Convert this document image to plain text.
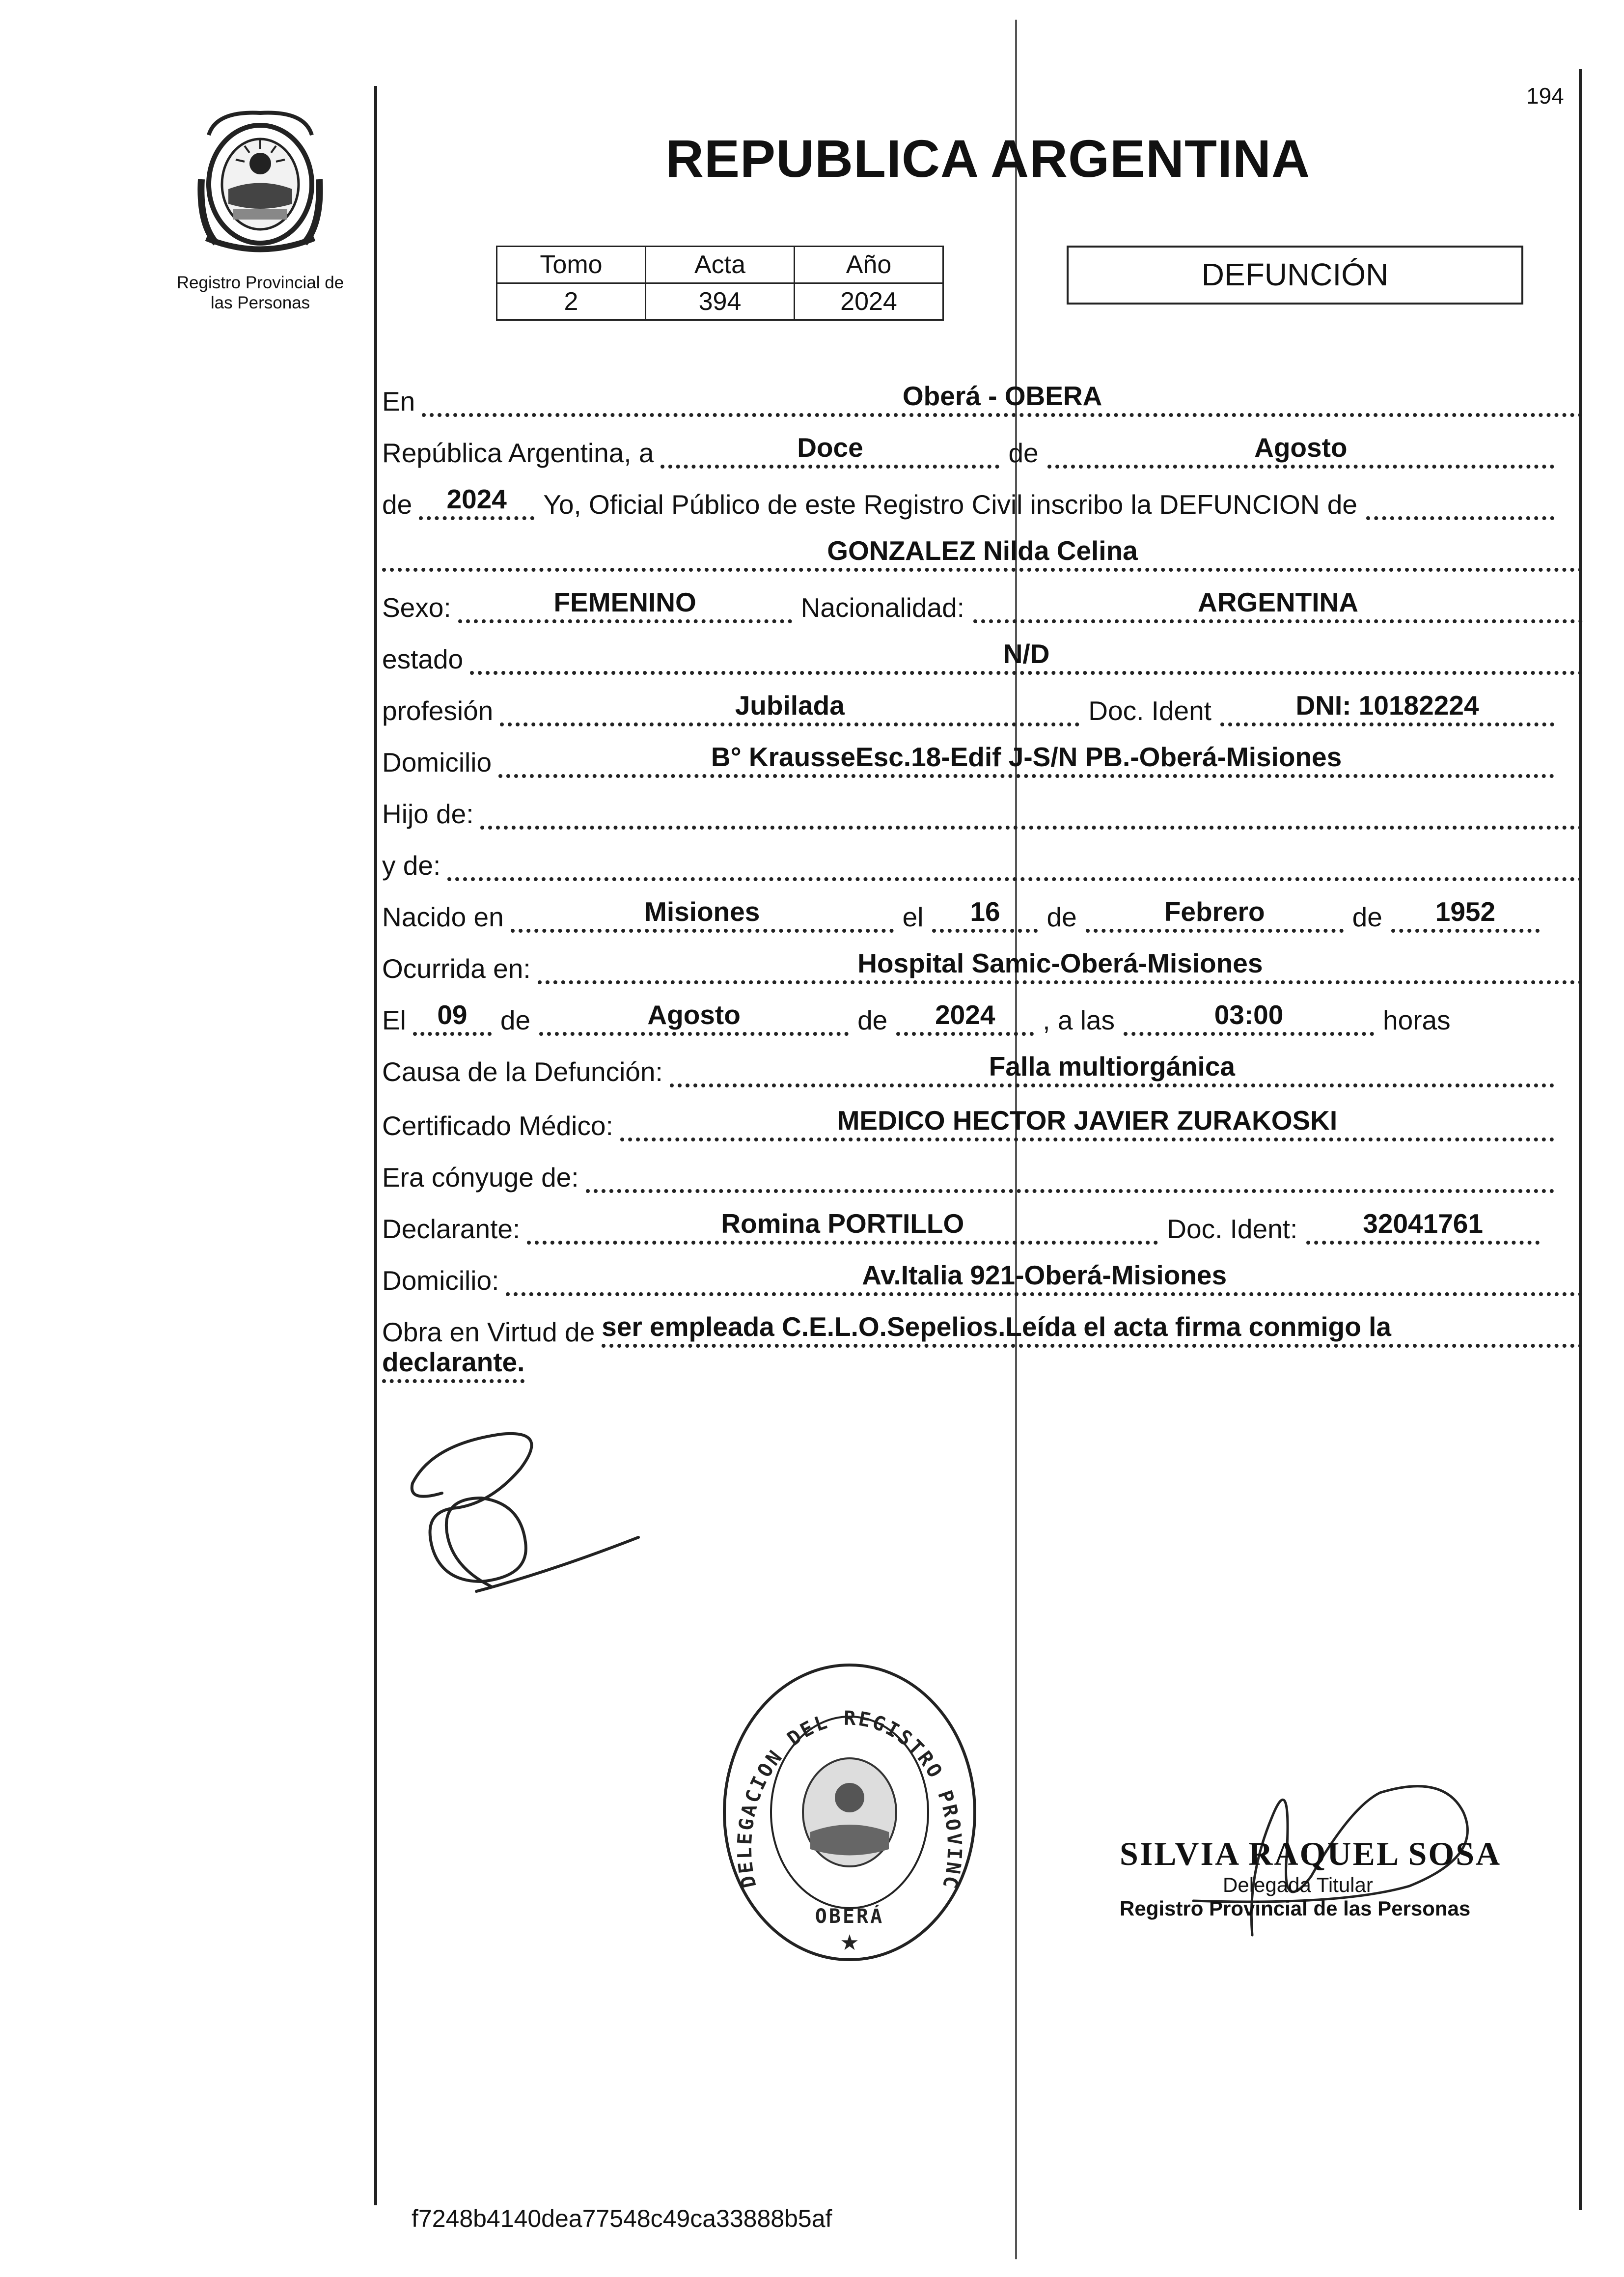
194
Registro Provincial de
las Personas
REPUBLICA ARGENTINA
Tomo	Acta	Año
2	394	2024
DEFUNCIÓN
En	Oberá - OBERA
República Argentina, a	Doce	de	Agosto
de	2024	Yo, Oficial Público de este Registro Civil inscribo la DEFUNCION de
GONZALEZ Nilda Celina
Sexo:	FEMENINO	Nacionalidad:	ARGENTINA
estado	N/D
profesión	Jubilada	Doc. Ident	DNI: 10182224
Domicilio	B° KrausseEsc.18-Edif J-S/N PB.-Oberá-Misiones
Hijo de:
y de:
Nacido en	Misiones	el	16	de	Febrero	de	1952
Ocurrida en:	Hospital Samic-Oberá-Misiones
El	09	de	Agosto	de	2024	, a las	03:00	horas
Causa de la Defunción:	Falla multiorgánica
Certificado Médico:	MEDICO HECTOR JAVIER ZURAKOSKI
Era cónyuge de:
Declarante:	Romina PORTILLO	Doc. Ident:	32041761
Domicilio:	Av.Italia 921-Oberá-Misiones
Obra en Virtud de ser empleada C.E.L.O.Sepelios.Leída el acta firma conmigo la
declarante.
DELEGACION DEL REGISTRO PROVINC
OBERÁ
★
SILVIA RAQUEL SOSA
Delegada Titular
Registro Provincial de las Personas
f7248b4140dea77548c49ca33888b5af
